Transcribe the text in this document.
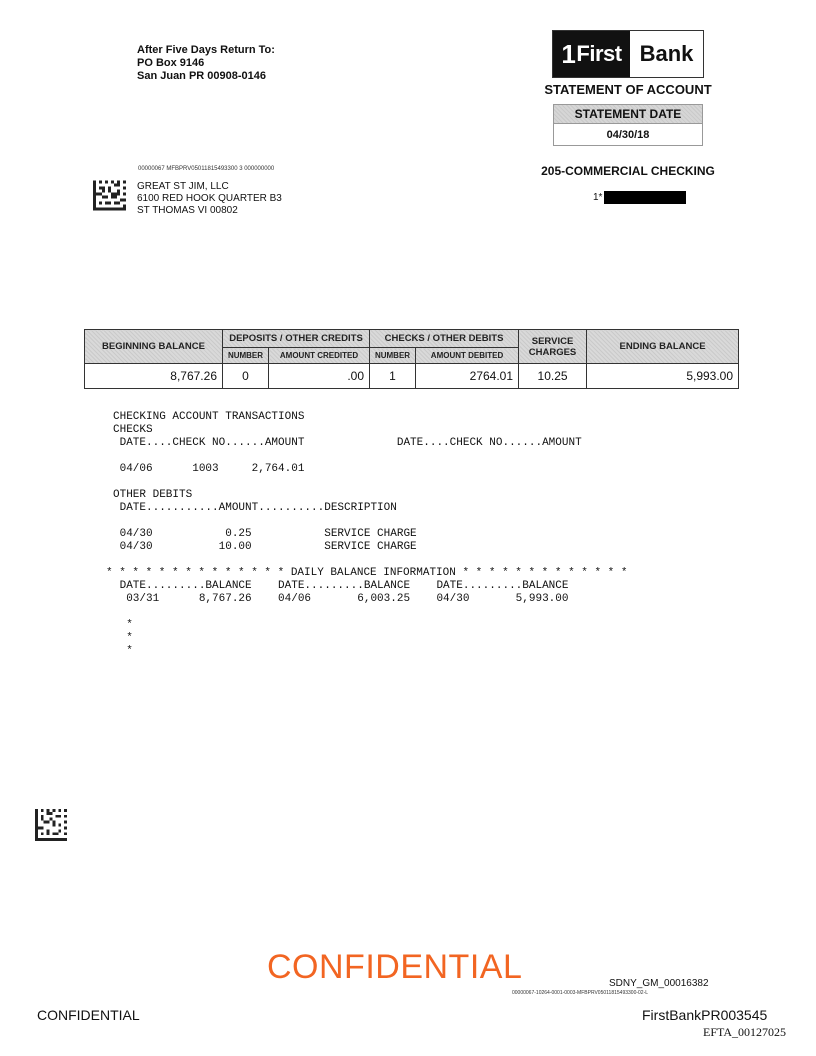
After Five Days Return To:
PO Box 9146
San Juan PR 00908-0146
1 First Bank
STATEMENT OF ACCOUNT
STATEMENT DATE
04/30/18
205-COMMERCIAL CHECKING
1*
00000067 MFBPRV05011815493300 3 000000000
GREAT ST JIM, LLC
6100 RED HOOK QUARTER B3
ST THOMAS VI 00802
BEGINNING BALANCE	DEPOSITS / OTHER CREDITS		CHECKS / OTHER DEBITS		SERVICE CHARGES	ENDING BALANCE
	NUMBER	AMOUNT CREDITED	NUMBER	AMOUNT DEBITED		
8,767.26	0	.00	1	2764.01	10.25	5,993.00
CHECKING ACCOUNT TRANSACTIONS
CHECKS
DATE....CHECK NO......AMOUNT              DATE....CHECK NO......AMOUNT
04/06      1003     2,764.01
OTHER DEBITS
DATE...........AMOUNT..........DESCRIPTION
04/30           0.25           SERVICE CHARGE
04/30          10.00           SERVICE CHARGE
* * * * * * * * * * * * * * DAILY BALANCE INFORMATION * * * * * * * * * * * * *
DATE.........BALANCE    DATE.........BALANCE    DATE.........BALANCE
03/31      8,767.26    04/06       6,003.25    04/30       5,993.00
*
*
*
CONFIDENTIAL	SDNY_GM_00016382
00000067-10264-0001-0003-MFBPRV05011815493300-02-L
CONFIDENTIAL	FirstBankPR003545
EFTA_00127025
